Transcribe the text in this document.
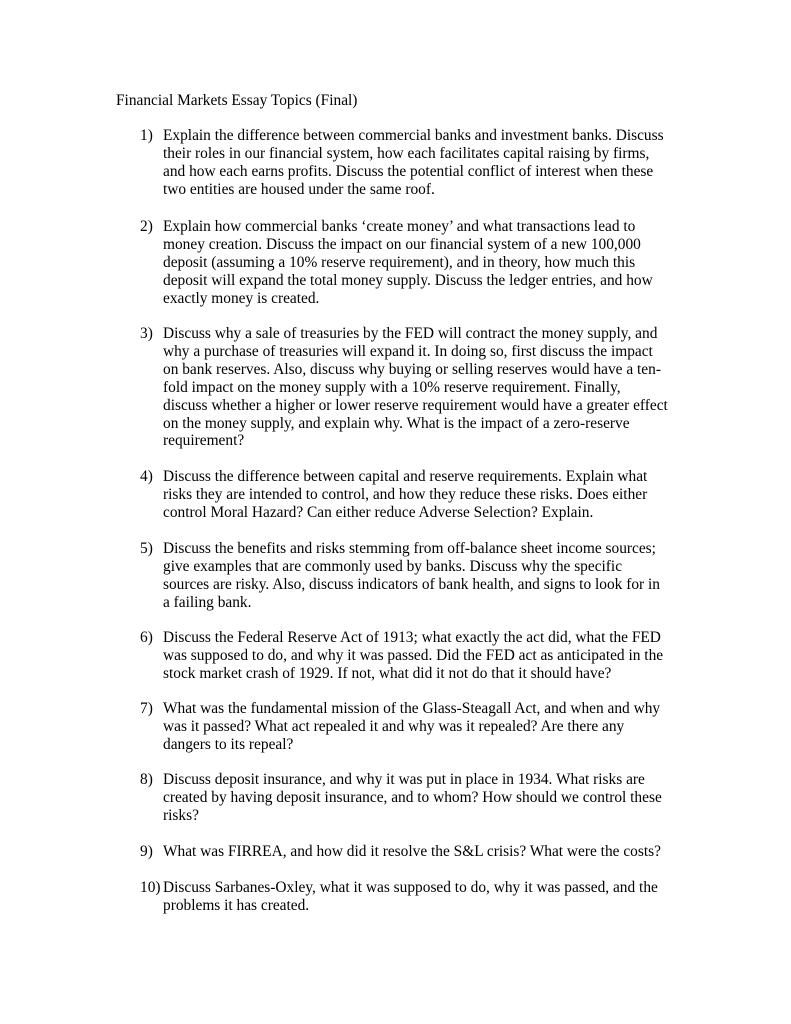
Financial Markets Essay Topics (Final)
1) Explain the difference between commercial banks and investment banks. Discuss
their roles in our financial system, how each facilitates capital raising by firms,
and how each earns profits. Discuss the potential conflict of interest when these
two entities are housed under the same roof.
2) Explain how commercial banks ‘create money’ and what transactions lead to
money creation. Discuss the impact on our financial system of a new 100,000
deposit (assuming a 10% reserve requirement), and in theory, how much this
deposit will expand the total money supply. Discuss the ledger entries, and how
exactly money is created.
3) Discuss why a sale of treasuries by the FED will contract the money supply, and
why a purchase of treasuries will expand it. In doing so, first discuss the impact
on bank reserves. Also, discuss why buying or selling reserves would have a ten-
fold impact on the money supply with a 10% reserve requirement. Finally,
discuss whether a higher or lower reserve requirement would have a greater effect
on the money supply, and explain why. What is the impact of a zero-reserve
requirement?
4) Discuss the difference between capital and reserve requirements. Explain what
risks they are intended to control, and how they reduce these risks. Does either
control Moral Hazard? Can either reduce Adverse Selection? Explain.
5) Discuss the benefits and risks stemming from off-balance sheet income sources;
give examples that are commonly used by banks. Discuss why the specific
sources are risky. Also, discuss indicators of bank health, and signs to look for in
a failing bank.
6) Discuss the Federal Reserve Act of 1913; what exactly the act did, what the FED
was supposed to do, and why it was passed. Did the FED act as anticipated in the
stock market crash of 1929. If not, what did it not do that it should have?
7) What was the fundamental mission of the Glass-Steagall Act, and when and why
was it passed? What act repealed it and why was it repealed? Are there any
dangers to its repeal?
8) Discuss deposit insurance, and why it was put in place in 1934. What risks are
created by having deposit insurance, and to whom? How should we control these
risks?
9) What was FIRREA, and how did it resolve the S&L crisis? What were the costs?
10) Discuss Sarbanes-Oxley, what it was supposed to do, why it was passed, and the
problems it has created.
